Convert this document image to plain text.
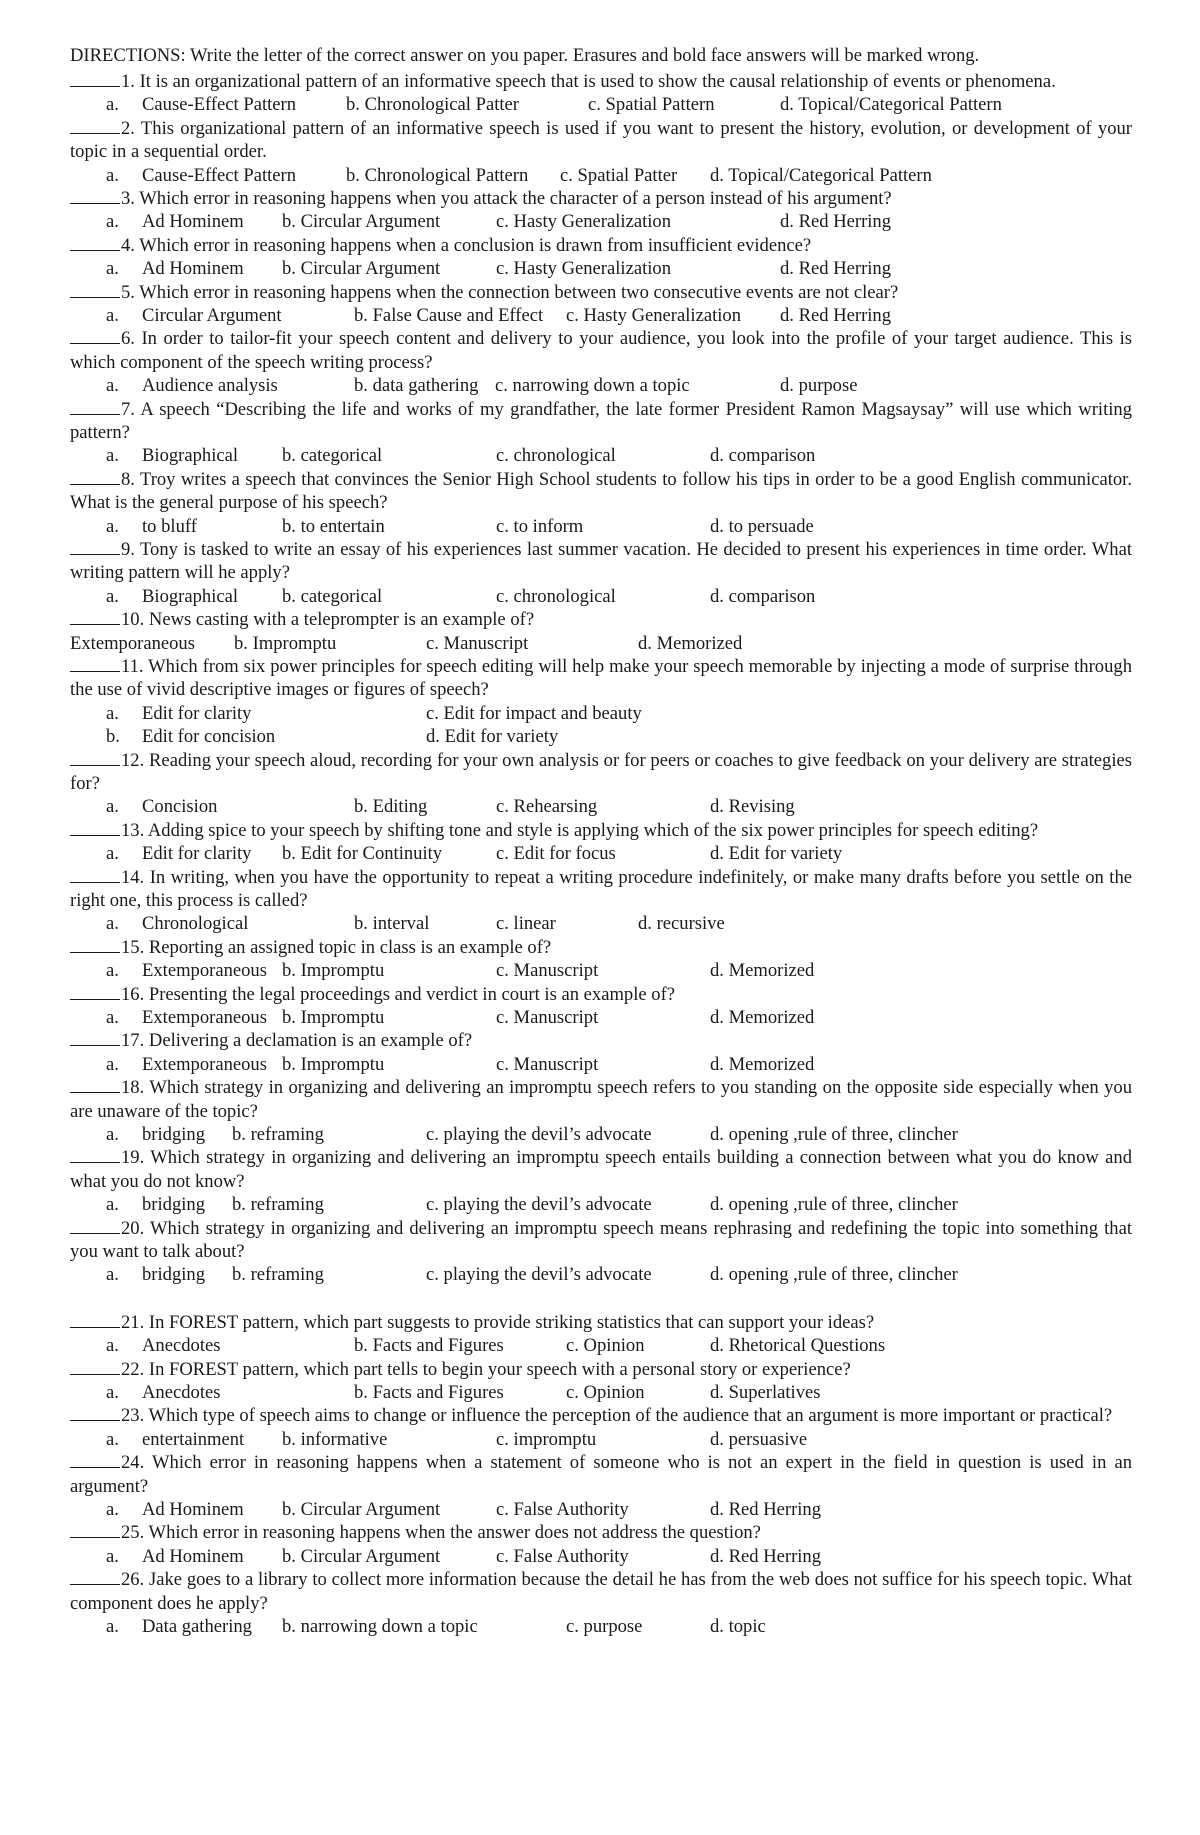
DIRECTIONS: Write the letter of the correct answer on you paper. Erasures and bold face answers will be marked wrong.

1. It is an organizational pattern of an informative speech that is used to show the causal relationship of events or phenomena.

a. Cause-Effect Pattern	b. Chronological Patter	c. Spatial Pattern	d. Topical/Categorical Pattern

2. This organizational pattern of an informative speech is used if you want to present the history, evolution, or development of your topic in a sequential order.

a. Cause-Effect Pattern	b. Chronological Pattern c. Spatial Patter d. Topical/Categorical Pattern

3. Which error in reasoning happens when you attack the character of a person instead of his argument?

a. Ad Hominem b. Circular Argument	c. Hasty Generalization	d. Red Herring

4. Which error in reasoning happens when a conclusion is drawn from insufficient evidence?

a. Ad Hominem b. Circular Argument	c. Hasty Generalization	d. Red Herring

5. Which error in reasoning happens when the connection between two consecutive events are not clear?

a. Circular Argument	b. False Cause and Effect c. Hasty Generalization d. Red Herring

6. In order to tailor-fit your speech content and delivery to your audience, you look into the profile of your target audience. This is which component of the speech writing process?

a. Audience analysis	b. data gathering c. narrowing down a topic	d. purpose

7. A speech “Describing the life and works of my grandfather, the late former President Ramon Magsaysay” will use which writing pattern?

a. Biographical b. categorical	c. chronological	d. comparison

8. Troy writes a speech that convinces the Senior High School students to follow his tips in order to be a good English communicator. What is the general purpose of his speech?

a. to bluff	b. to entertain	c. to inform	d. to persuade

9. Tony is tasked to write an essay of his experiences last summer vacation. He decided to present his experiences in time order. What writing pattern will he apply?

a. Biographical b. categorical	c. chronological	d. comparison

10. News casting with a teleprompter is an example of?

Extemporaneous b. Impromptu	c. Manuscript	d. Memorized

11. Which from six power principles for speech editing will help make your speech memorable by injecting a mode of surprise through the use of vivid descriptive images or figures of speech?

a. Edit for clarity	c. Edit for impact and beauty
b. Edit for concision	d. Edit for variety

12. Reading your speech aloud, recording for your own analysis or for peers or coaches to give feedback on your delivery are strategies for?

a. Concision	b. Editing	c. Rehearsing	d. Revising

13. Adding spice to your speech by shifting tone and style is applying which of the six power principles for speech editing?

a. Edit for clarity b. Edit for Continuity	c. Edit for focus	d. Edit for variety

14. In writing, when you have the opportunity to repeat a writing procedure indefinitely, or make many drafts before you settle on the right one, this process is called?

a. Chronological	b. interval	c. linear	d. recursive

15. Reporting an assigned topic in class is an example of?

a. Extemporaneous b. Impromptu	c. Manuscript	d. Memorized

16. Presenting the legal proceedings and verdict in court is an example of?

a. Extemporaneous b. Impromptu	c. Manuscript	d. Memorized

17. Delivering a declamation is an example of?

a. Extemporaneous b. Impromptu	c. Manuscript	d. Memorized

18. Which strategy in organizing and delivering an impromptu speech refers to you standing on the opposite side especially when you are unaware of the topic?

a. bridging b. reframing	c. playing the devil’s advocate	d. opening ,rule of three, clincher

19. Which strategy in organizing and delivering an impromptu speech entails building a connection between what you do know and what you do not know?

a. bridging b. reframing	c. playing the devil’s advocate	d. opening ,rule of three, clincher

20. Which strategy in organizing and delivering an impromptu speech means rephrasing and redefining the topic into something that you want to talk about?

a. bridging b. reframing	c. playing the devil’s advocate	d. opening ,rule of three, clincher

21. In FOREST pattern, which part suggests to provide striking statistics that can support your ideas?

a. Anecdotes	b. Facts and Figures	c. Opinion	d. Rhetorical Questions

22. In FOREST pattern, which part tells to begin your speech with a personal story or experience?

a. Anecdotes	b. Facts and Figures	c. Opinion	d. Superlatives

23. Which type of speech aims to change or influence the perception of the audience that an argument is more important or practical?

a. entertainment b. informative	c. impromptu	d. persuasive

24. Which error in reasoning happens when a statement of someone who is not an expert in the field in question is used in an argument?

a. Ad Hominem b. Circular Argument	c. False Authority	d. Red Herring

25. Which error in reasoning happens when the answer does not address the question?

a. Ad Hominem b. Circular Argument	c. False Authority	d. Red Herring

26. Jake goes to a library to collect more information because the detail he has from the web does not suffice for his speech topic. What component does he apply?

a. Data gathering b. narrowing down a topic	c. purpose	d. topic
